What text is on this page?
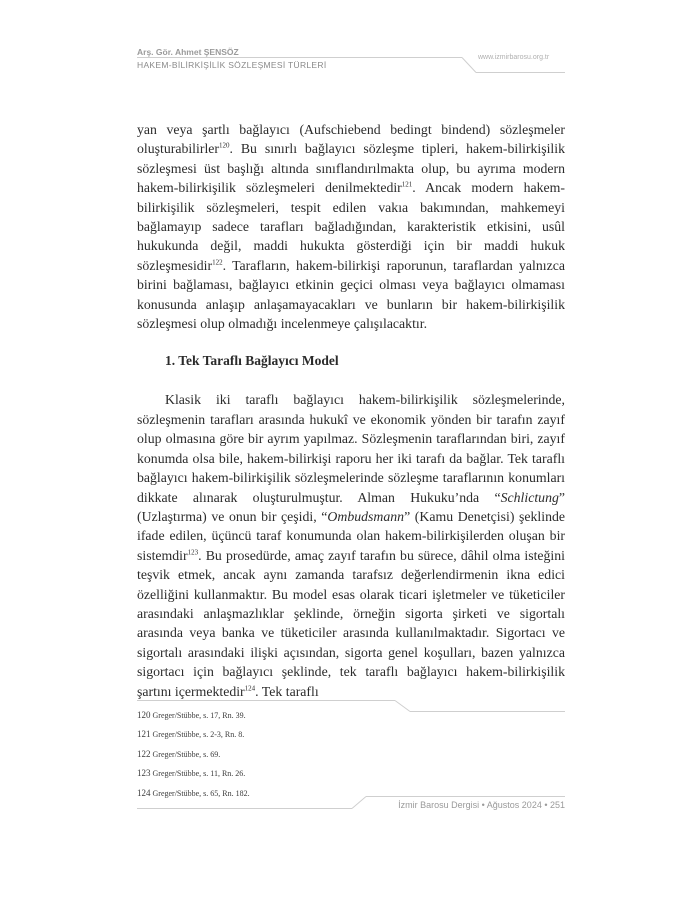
Arş. Gör. Ahmet ŞENSÖZ
HAKEM-BİLİRKİŞİLİK SÖZLEŞMESİ TÜRLERİ
www.izmirbarosu.org.tr

yan veya şartlı bağlayıcı (Aufschiebend bedingt bindend) sözleşmeler oluşturabilirler$^{120}$. Bu sınırlı bağlayıcı sözleşme tipleri, hakem-bilirkişilik sözleşmesi üst başlığı altında sınıflandırılmakta olup, bu ayrıma modern hakem-bilirkişilik sözleşmeleri denilmektedir$^{121}$. Ancak modern hakem-bilirkişilik sözleşmeleri, tespit edilen vakıa bakımından, mahkemeyi bağlamayıp sadece tarafları bağladığından, karakteristik etkisini, usûl hukukunda değil, maddi hukukta gösterdiği için bir maddi hukuk sözleşmesidir$^{122}$. Tarafların, hakem-bilirkişi raporunun, taraflardan yalnızca birini bağlaması, bağlayıcı etkinin geçici olması veya bağlayıcı olmaması konusunda anlaşıp anlaşamayacakları ve bunların bir hakem-bilirkişilik sözleşmesi olup olmadığı incelenmeye çalışılacaktır.

1. Tek Taraflı Bağlayıcı Model

Klasik iki taraflı bağlayıcı hakem-bilirkişilik sözleşmelerinde, sözleşmenin tarafları arasında hukukî ve ekonomik yönden bir tarafın zayıf olup olmasına göre bir ayrım yapılmaz. Sözleşmenin taraflarından biri, zayıf konumda olsa bile, hakem-bilirkişi raporu her iki tarafı da bağlar. Tek taraflı bağlayıcı hakem-bilirkişilik sözleşmelerinde sözleşme taraflarının konumları dikkate alınarak oluşturulmuştur. Alman Hukuku’nda “Schlictung” (Uzlaştırma) ve onun bir çeşidi, “Ombudsmann” (Kamu Denetçisi) şeklinde ifade edilen, üçüncü taraf konumunda olan hakem-bilirkişilerden oluşan bir sistemdir$^{123}$. Bu prosedürde, amaç zayıf tarafın bu sürece, dâhil olma isteğini teşvik etmek, ancak aynı zamanda tarafsız değerlendirmenin ikna edici özelliğini kullanmaktır. Bu model esas olarak ticari işletmeler ve tüketiciler arasındaki anlaşmazlıklar şeklinde, örneğin sigorta şirketi ve sigortalı arasında veya banka ve tüketiciler arasında kullanılmaktadır. Sigortacı ve sigortalı arasındaki ilişki açısından, sigorta genel koşulları, bazen yalnızca sigortacı için bağlayıcı şeklinde, tek taraflı bağlayıcı hakem-bilirkişilik şartını içermektedir$^{124}$. Tek taraflı

120 Greger/Stübbe, s. 17, Rn. 39.
121 Greger/Stübbe, s. 2-3, Rn. 8.
122 Greger/Stübbe, s. 69.
123 Greger/Stübbe, s. 11, Rn. 26.
124 Greger/Stübbe, s. 65, Rn. 182.
İzmir Barosu Dergisi • Ağustos 2024 • 251
